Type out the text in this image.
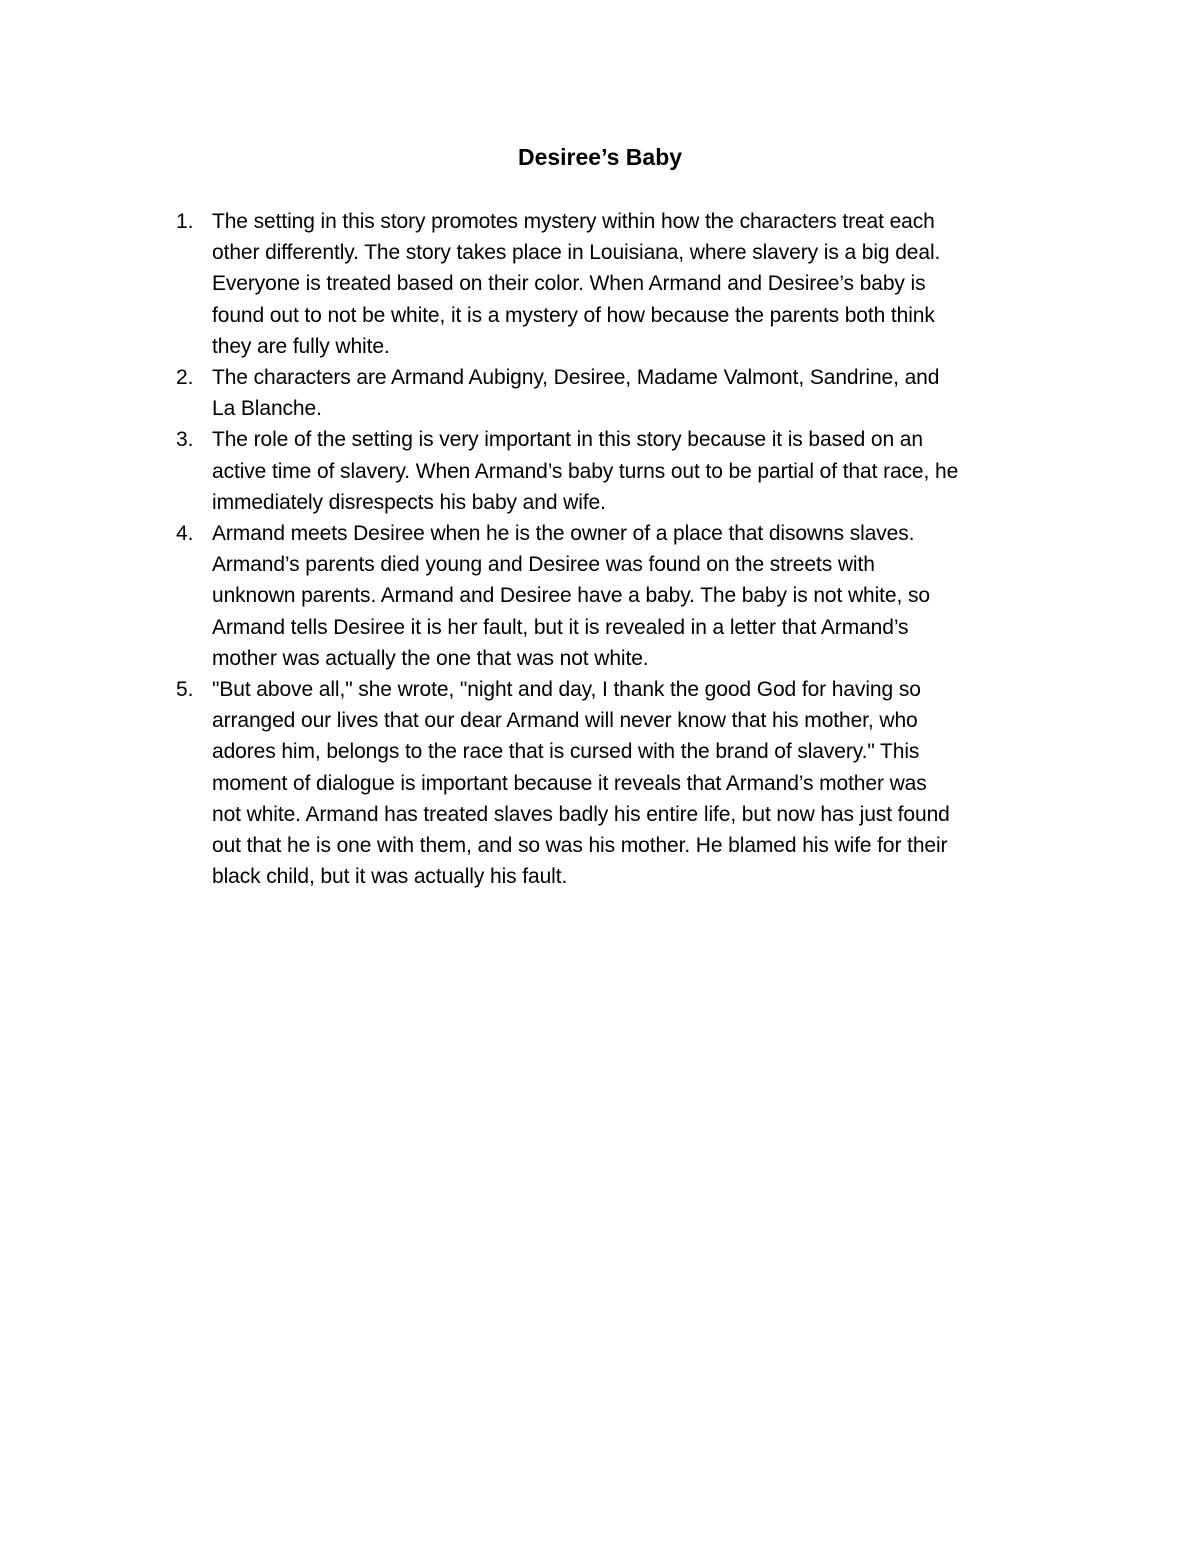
Desiree’s Baby
1. The setting in this story promotes mystery within how the characters treat each
other differently. The story takes place in Louisiana, where slavery is a big deal.
Everyone is treated based on their color. When Armand and Desiree’s baby is
found out to not be white, it is a mystery of how because the parents both think
they are fully white.
2. The characters are Armand Aubigny, Desiree, Madame Valmont, Sandrine, and
La Blanche.
3. The role of the setting is very important in this story because it is based on an
active time of slavery. When Armand’s baby turns out to be partial of that race, he
immediately disrespects his baby and wife.
4. Armand meets Desiree when he is the owner of a place that disowns slaves.
Armand’s parents died young and Desiree was found on the streets with
unknown parents. Armand and Desiree have a baby. The baby is not white, so
Armand tells Desiree it is her fault, but it is revealed in a letter that Armand’s
mother was actually the one that was not white.
5. "But above all," she wrote, "night and day, I thank the good God for having so
arranged our lives that our dear Armand will never know that his mother, who
adores him, belongs to the race that is cursed with the brand of slavery." This
moment of dialogue is important because it reveals that Armand’s mother was
not white. Armand has treated slaves badly his entire life, but now has just found
out that he is one with them, and so was his mother. He blamed his wife for their
black child, but it was actually his fault.
